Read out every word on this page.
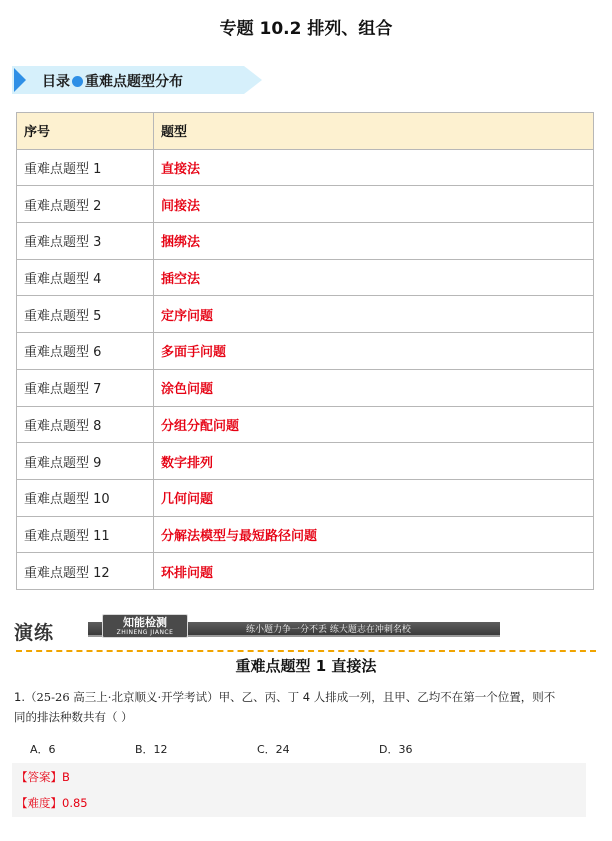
专题 10.2 排列、组合
目录 重难点题型分布
序号	题型
重难点题型 1	直接法
重难点题型 2	间接法
重难点题型 3	捆绑法
重难点题型 4	插空法
重难点题型 5	定序问题
重难点题型 6	多面手问题
重难点题型 7	涂色问题
重难点题型 8	分组分配问题
重难点题型 9	数字排列
重难点题型 10	几何问题
重难点题型 11	分解法模型与最短路径问题
重难点题型 12	环排问题
演练	知能检测
ZHINENG JIANCE	练小题力争一分不丢 练大题志在冲刺名校
重难点题型 1 直接法
1.（25-26 高三上·北京顺义·开学考试）甲、乙、丙、丁 4 人排成一列，且甲、乙均不在第一个位置，则不
同的排法种数共有（ ）
A．6	B．12	C．24	D．36
【答案】B
【难度】0.85
